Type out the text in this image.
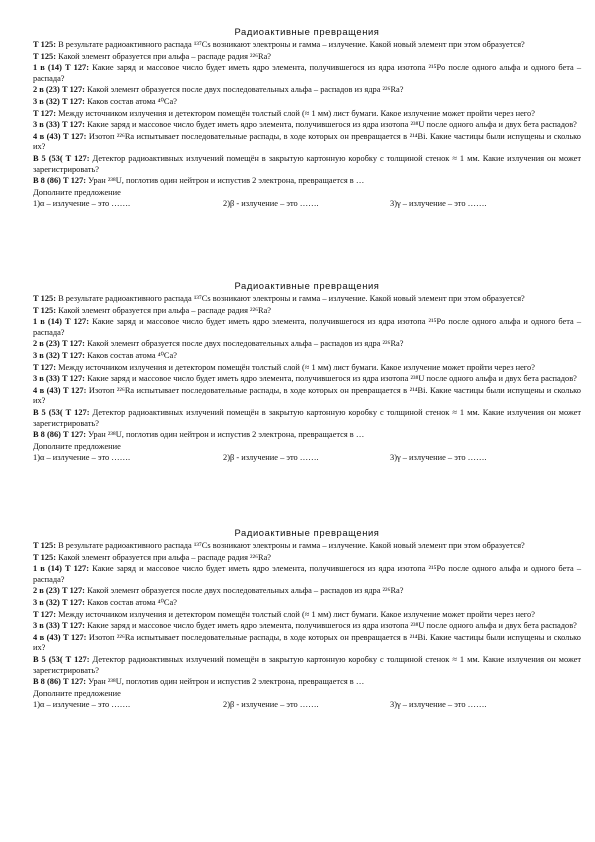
Радиоактивные превращения

Т 125: В результате радиоактивного распада ¹³⁷Cs возникают электроны и гамма – излучение. Какой новый элемент при этом образуется?

Т 125: Какой элемент образуется при альфа – распаде радия ²²⁶Ra?

1 в (14) Т 127: Какие заряд и массовое число будет иметь ядро элемента, получившегося из ядра изотопа ²¹⁵Po после одного альфа и одного бета – распада?

2 в (23) Т 127: Какой элемент образуется после двух последовательных альфа – распадов из ядра ²²⁶Ra?

3 в (32) Т 127: Каков состав атома ⁴⁰Ca?

Т 127: Между источником излучения и детектором помещён толстый слой (≈ 1 мм) лист бумаги. Какое излучение может пройти через него?

3 в (33) Т 127: Какие заряд и массовое число будет иметь ядро элемента, получившегося из ядра изотопа ²³⁸U после одного альфа и двух бета распадов?

4 в (43) Т 127: Изотоп ²²⁶Ra испытывает последовательные распады, в ходе которых он превращается в ²¹⁴Bi. Какие частицы были испущены и сколько их?

В 5 (53( Т 127: Детектор радиоактивных излучений помещён в закрытую картонную коробку с толщиной стенок ≈ 1 мм. Какие излучения он может зарегистрировать?

В 8 (86) Т 127: Уран ²³⁸U, поглотив один нейтрон и испустив 2 электрона, превращается в …

Дополните предложение

1)α – излучение – это …….	2)β - излучение – это …….	3)γ – излучение – это …….
Радиоактивные превращения

Т 125: В результате радиоактивного распада ¹³⁷Cs возникают электроны и гамма – излучение. Какой новый элемент при этом образуется?

Т 125: Какой элемент образуется при альфа – распаде радия ²²⁶Ra?

1 в (14) Т 127: Какие заряд и массовое число будет иметь ядро элемента, получившегося из ядра изотопа ²¹⁵Po после одного альфа и одного бета – распада?

2 в (23) Т 127: Какой элемент образуется после двух последовательных альфа – распадов из ядра ²²⁶Ra?

3 в (32) Т 127: Каков состав атома ⁴⁰Ca?

Т 127: Между источником излучения и детектором помещён толстый слой (≈ 1 мм) лист бумаги. Какое излучение может пройти через него?

3 в (33) Т 127: Какие заряд и массовое число будет иметь ядро элемента, получившегося из ядра изотопа ²³⁸U после одного альфа и двух бета распадов?

4 в (43) Т 127: Изотоп ²²⁶Ra испытывает последовательные распады, в ходе которых он превращается в ²¹⁴Bi. Какие частицы были испущены и сколько их?

В 5 (53( Т 127: Детектор радиоактивных излучений помещён в закрытую картонную коробку с толщиной стенок ≈ 1 мм. Какие излучения он может зарегистрировать?

В 8 (86) Т 127: Уран ²³⁸U, поглотив один нейтрон и испустив 2 электрона, превращается в …

Дополните предложение

1)α – излучение – это …….	2)β - излучение – это …….	3)γ – излучение – это …….
Радиоактивные превращения

Т 125: В результате радиоактивного распада ¹³⁷Cs возникают электроны и гамма – излучение. Какой новый элемент при этом образуется?

Т 125: Какой элемент образуется при альфа – распаде радия ²²⁶Ra?

1 в (14) Т 127: Какие заряд и массовое число будет иметь ядро элемента, получившегося из ядра изотопа ²¹⁵Po после одного альфа и одного бета – распада?

2 в (23) Т 127: Какой элемент образуется после двух последовательных альфа – распадов из ядра ²²⁶Ra?

3 в (32) Т 127: Каков состав атома ⁴⁰Ca?

Т 127: Между источником излучения и детектором помещён толстый слой (≈ 1 мм) лист бумаги. Какое излучение может пройти через него?

3 в (33) Т 127: Какие заряд и массовое число будет иметь ядро элемента, получившегося из ядра изотопа ²³⁸U после одного альфа и двух бета распадов?

4 в (43) Т 127: Изотоп ²²⁶Ra испытывает последовательные распады, в ходе которых он превращается в ²¹⁴Bi. Какие частицы были испущены и сколько их?

В 5 (53( Т 127: Детектор радиоактивных излучений помещён в закрытую картонную коробку с толщиной стенок ≈ 1 мм. Какие излучения он может зарегистрировать?

В 8 (86) Т 127: Уран ²³⁸U, поглотив один нейтрон и испустив 2 электрона, превращается в …

Дополните предложение

1)α – излучение – это …….	2)β - излучение – это …….	3)γ – излучение – это …….
